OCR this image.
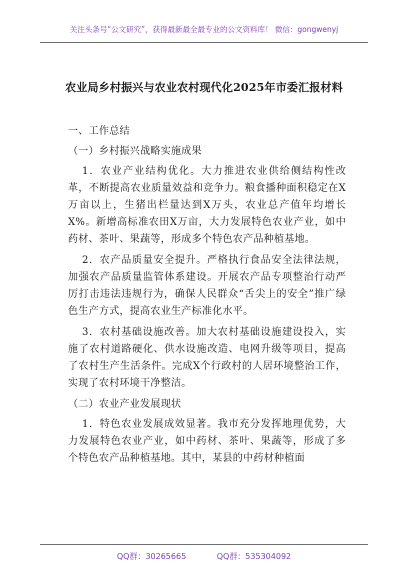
关注头条号“公文研究”，获得最新最全最专业的公文资料库！ 微信：gongwenyj
农业局乡村振兴与农业农村现代化2025年市委汇报材料

一、工作总结

（一）乡村振兴战略实施成果

1．农业产业结构优化。大力推进农业供给侧结构性改革，不断提高农业质量效益和竞争力。粮食播种面积稳定在X万亩以上，生猪出栏量达到X万头，农业总产值年均增长X%。新增高标准农田X万亩，大力发展特色农业产业，如中药材、茶叶、果蔬等，形成多个特色农产品种植基地。

2．农产品质量安全提升。严格执行食品安全法律法规，加强农产品质量监管体系建设。开展农产品专项整治行动严厉打击违法违规行为，确保人民群众“舌尖上的安全”推广绿色生产方式，提高农业生产标准化水平。

3．农村基础设施改善。加大农村基础设施建设投入，实施了农村道路硬化、供水设施改造、电网升级等项目，提高了农村生产生活条件。完成X个行政村的人居环境整治工作，实现了农村环境干净整洁。

（二）农业产业发展现状

1．特色农业发展成效显著。我市充分发挥地理优势，大力发展特色农业产业，如中药材、茶叶、果蔬等，形成了多个特色农产品种植基地。其中，某县的中药材种植面

QQ群：30265665	QQ群：535304092
